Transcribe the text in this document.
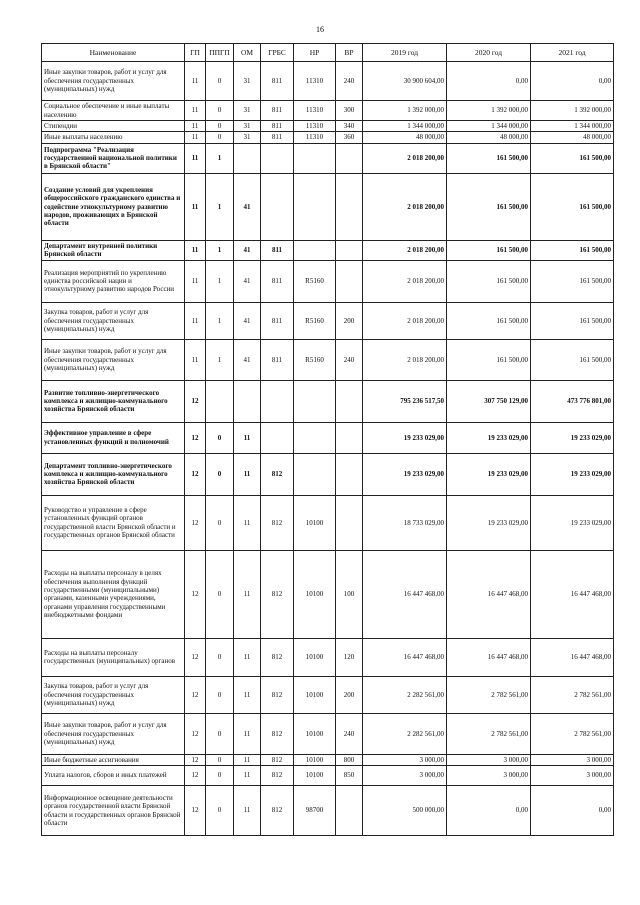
16
Наименование	ГП	ППГП	ОМ	ГРБС	НР	ВР	2019 год	2020 год	2021 год
Иные закупки товаров, работ и услуг для обеспечения государственных (муниципальных) нужд	11	0	31	811	11310	240	30 900 604,00	0,00	0,00
Социальное обеспечение и иные выплаты населению	11	0	31	811	11310	300	1 392 000,00	1 392 000,00	1 392 000,00
Стипендии	11	0	31	811	11310	340	1 344 000,00	1 344 000,00	1 344 000,00
Иные выплаты населению	11	0	31	811	11310	360	48 000,00	48 000,00	48 000,00
Подпрограмма "Реализация государственной национальной политики в Брянской области"	11	1					2 018 200,00	161 500,00	161 500,00
Создание условий для укрепления общероссийского гражданского единства и содействие этнокультурному развитию народов, проживающих в Брянской области	11	1	41				2 018 200,00	161 500,00	161 500,00
Департамент внутренней политики Брянской области	11	1	41	811			2 018 200,00	161 500,00	161 500,00
Реализация мероприятий по укреплению единства российской нации и этнокультурному развитию народов России	11	1	41	811	R5160		2 018 200,00	161 500,00	161 500,00
Закупка товаров, работ и услуг для обеспечения государственных (муниципальных) нужд	11	1	41	811	R5160	200	2 018 200,00	161 500,00	161 500,00
Иные закупки товаров, работ и услуг для обеспечения государственных (муниципальных) нужд	11	1	41	811	R5160	240	2 018 200,00	161 500,00	161 500,00
Развитие топливно-энергетического комплекса и жилищно-коммунального хозяйства Брянской области	12						795 236 517,50	307 750 129,00	473 776 801,00
Эффективное управление в сфере установленных функций и полномочий	12	0	11				19 233 029,00	19 233 029,00	19 233 029,00
Департамент топливно-энергетического комплекса и жилищно-коммунального хозяйства Брянской области	12	0	11	812			19 233 029,00	19 233 029,00	19 233 029,00
Руководство и управление в сфере установленных функций органов государственной власти Брянской области и государственных органов Брянской области	12	0	11	812	10100		18 733 029,00	19 233 029,00	19 233 029,00
Расходы на выплаты персоналу в целях обеспечения выполнения функций государственными (муниципальными) органами, казенными учреждениями, органами управления государственными внебюджетными фондами	12	0	11	812	10100	100	16 447 468,00	16 447 468,00	16 447 468,00
Расходы на выплаты персоналу государственных (муниципальных) органов	12	0	11	812	10100	120	16 447 468,00	16 447 468,00	16 447 468,00
Закупка товаров, работ и услуг для обеспечения государственных (муниципальных) нужд	12	0	11	812	10100	200	2 282 561,00	2 782 561,00	2 782 561,00
Иные закупки товаров, работ и услуг для обеспечения государственных (муниципальных) нужд	12	0	11	812	10100	240	2 282 561,00	2 782 561,00	2 782 561,00
Иные бюджетные ассигнования	12	0	11	812	10100	800	3 000,00	3 000,00	3 000,00
Уплата налогов, сборов и иных платежей	12	0	11	812	10100	850	3 000,00	3 000,00	3 000,00
Информационное освещение деятельности органов государственной власти Брянской области и государственных органов Брянской области	12	0	11	812	98700		500 000,00	0,00	0,00
